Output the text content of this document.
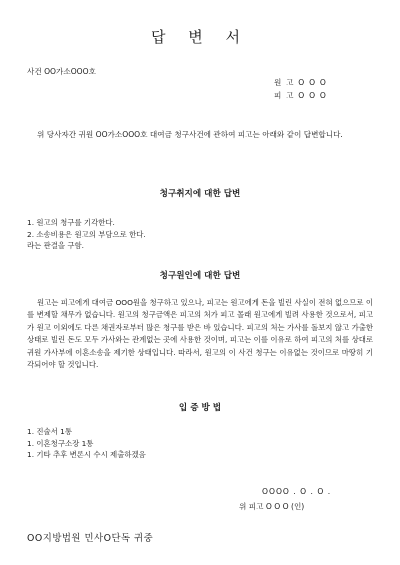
답 변 서
사건 OO가소OOO호
원 고 O O O
피 고 O O O
위 당사자간 귀원 OO가소OOO호 대여금 청구사건에 관하여 피고는 아래와 같이 답변합니다.
청구취지에 대한 답변
1. 원고의 청구를 기각한다.
2. 소송비용은 원고의 부담으로 한다.
라는 판결을 구함.
청구원인에 대한 답변
원고는 피고에게 대여금 OOO원을 청구하고 있으나, 피고는 원고에게 돈을 빌린 사실이 전혀 없으므로 이를 변제할 채무가 없습니다. 원고의 청구금액은 피고의 처가 피고 몰래 원고에게 빌려 사용한 것으로서, 피고가 원고 이외에도 다른 채권자로부터 많은 청구를 받은 바 있습니다. 피고의 처는 가사를 돌보지 않고 가출한 상태로 빌린 돈도 모두 가사와는 관계없는 곳에 사용한 것이며, 피고는 이를 이유로 하여 피고의 처를 상대로 귀원 가사부에 이혼소송을 제기한 상태입니다. 따라서, 원고의 이 사건 청구는 이유없는 것이므로 마땅히 기각되어야 할 것입니다.
입 증 방 법
1. 진술서 1통
1. 이혼청구소장 1통
1. 기타 추후 변론시 수시 제출하겠음
OOOO . O . O .
위 피고 O O O (인)
OO지방법원 민사O단독 귀중
